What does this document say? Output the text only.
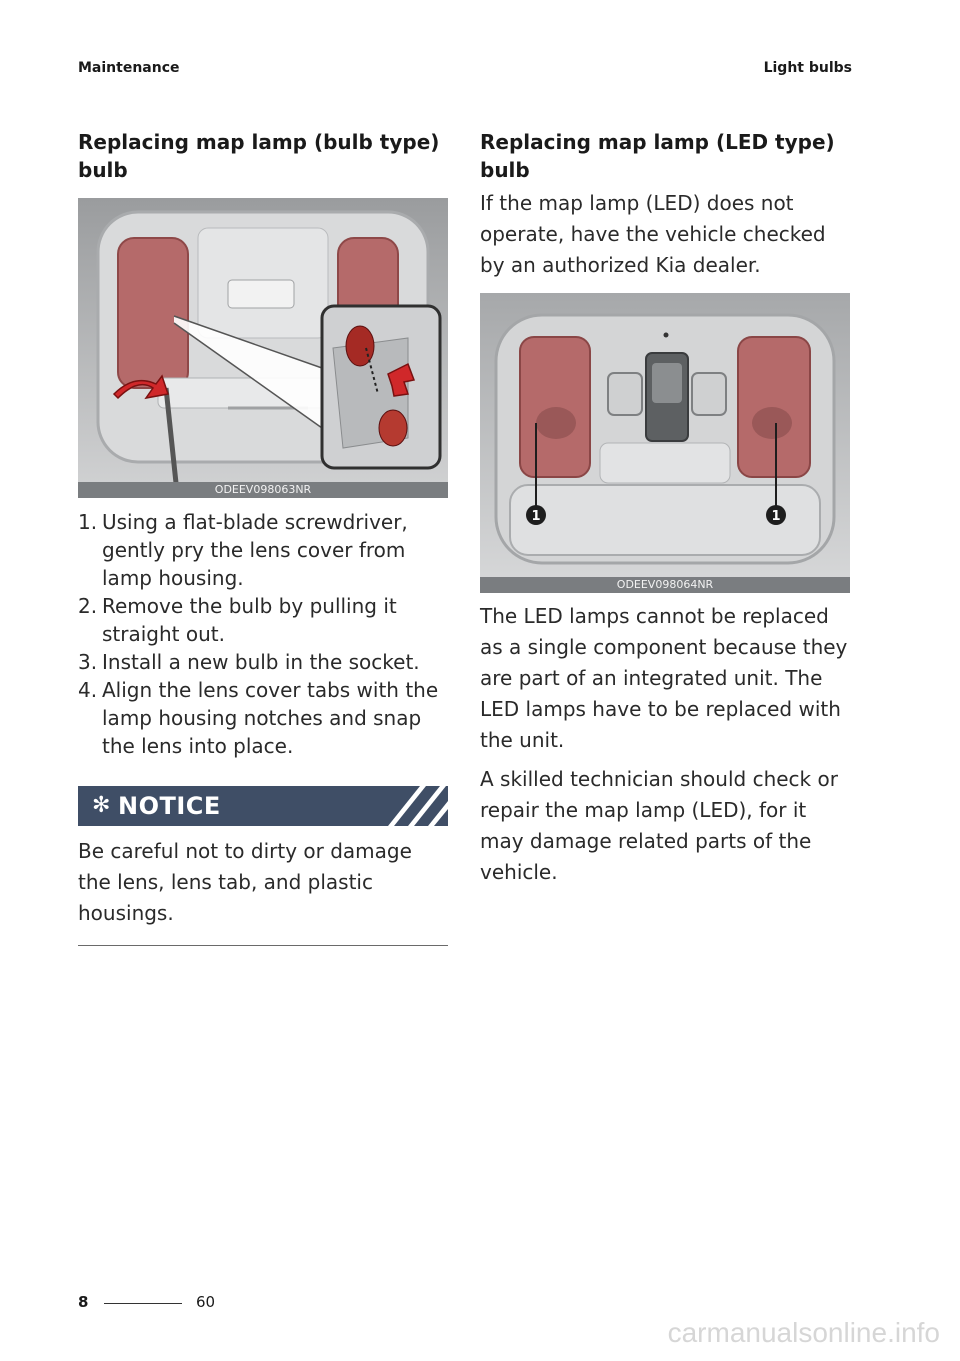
Maintenance	Light bulbs
Replacing map lamp (bulb type)
bulb
ODEEV098063NR
1. Using a flat-blade screwdriver, gently pry the lens cover from lamp housing.
2. Remove the bulb by pulling it straight out.
3. Install a new bulb in the socket.
4. Align the lens cover tabs with the lamp housing notches and snap the lens into place.
✻ NOTICE

Be careful not to dirty or damage the lens, lens tab, and plastic housings.

Replacing map lamp (LED type)
bulb

If the map lamp (LED) does not operate, have the vehicle checked by an authorized Kia dealer.

1	1
ODEEV098064NR

The LED lamps cannot be replaced as a single component because they are part of an integrated unit. The LED lamps have to be replaced with the unit.

A skilled technician should check or repair the map lamp (LED), for it may damage related parts of the vehicle.

8	60
carmanualsonline.info
